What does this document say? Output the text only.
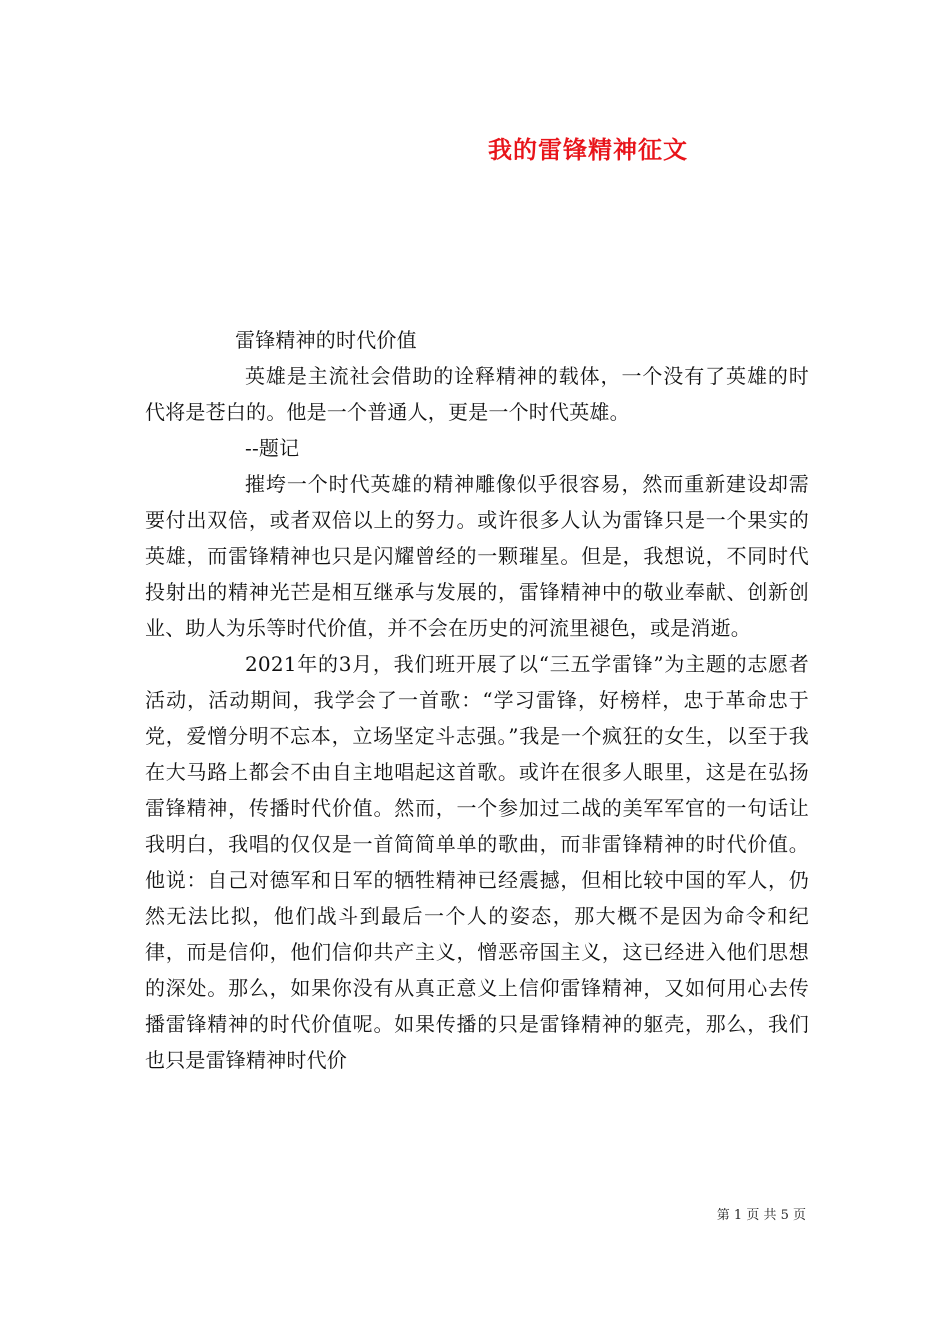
我的雷锋精神征文

雷锋精神的时代价值

英雄是主流社会借助的诠释精神的载体，一个没有了英雄的时代将是苍白的。他是一个普通人，更是一个时代英雄。

--题记

摧垮一个时代英雄的精神雕像似乎很容易，然而重新建设却需要付出双倍，或者双倍以上的努力。或许很多人认为雷锋只是一个果实的英雄，而雷锋精神也只是闪耀曾经的一颗璀星。但是，我想说，不同时代投射出的精神光芒是相互继承与发展的，雷锋精神中的敬业奉献、创新创业、助人为乐等时代价值，并不会在历史的河流里褪色，或是消逝。

2021年的3月，我们班开展了以“三五学雷锋”为主题的志愿者活动，活动期间，我学会了一首歌：“学习雷锋，好榜样，忠于革命忠于党，爱憎分明不忘本，立场坚定斗志强。”我是一个疯狂的女生，以至于我在大马路上都会不由自主地唱起这首歌。或许在很多人眼里，这是在弘扬雷锋精神，传播时代价值。然而，一个参加过二战的美军军官的一句话让我明白，我唱的仅仅是一首简简单单的歌曲，而非雷锋精神的时代价值。他说：自己对德军和日军的牺牲精神已经震撼，但相比较中国的军人，仍然无法比拟，他们战斗到最后一个人的姿态，那大概不是因为命令和纪律，而是信仰，他们信仰共产主义，憎恶帝国主义，这已经进入他们思想的深处。那么，如果你没有从真正意义上信仰雷锋精神，又如何用心去传播雷锋精神的时代价值呢。如果传播的只是雷锋精神的躯壳，那么，我们也只是雷锋精神时代价

第 1 页 共 5 页
